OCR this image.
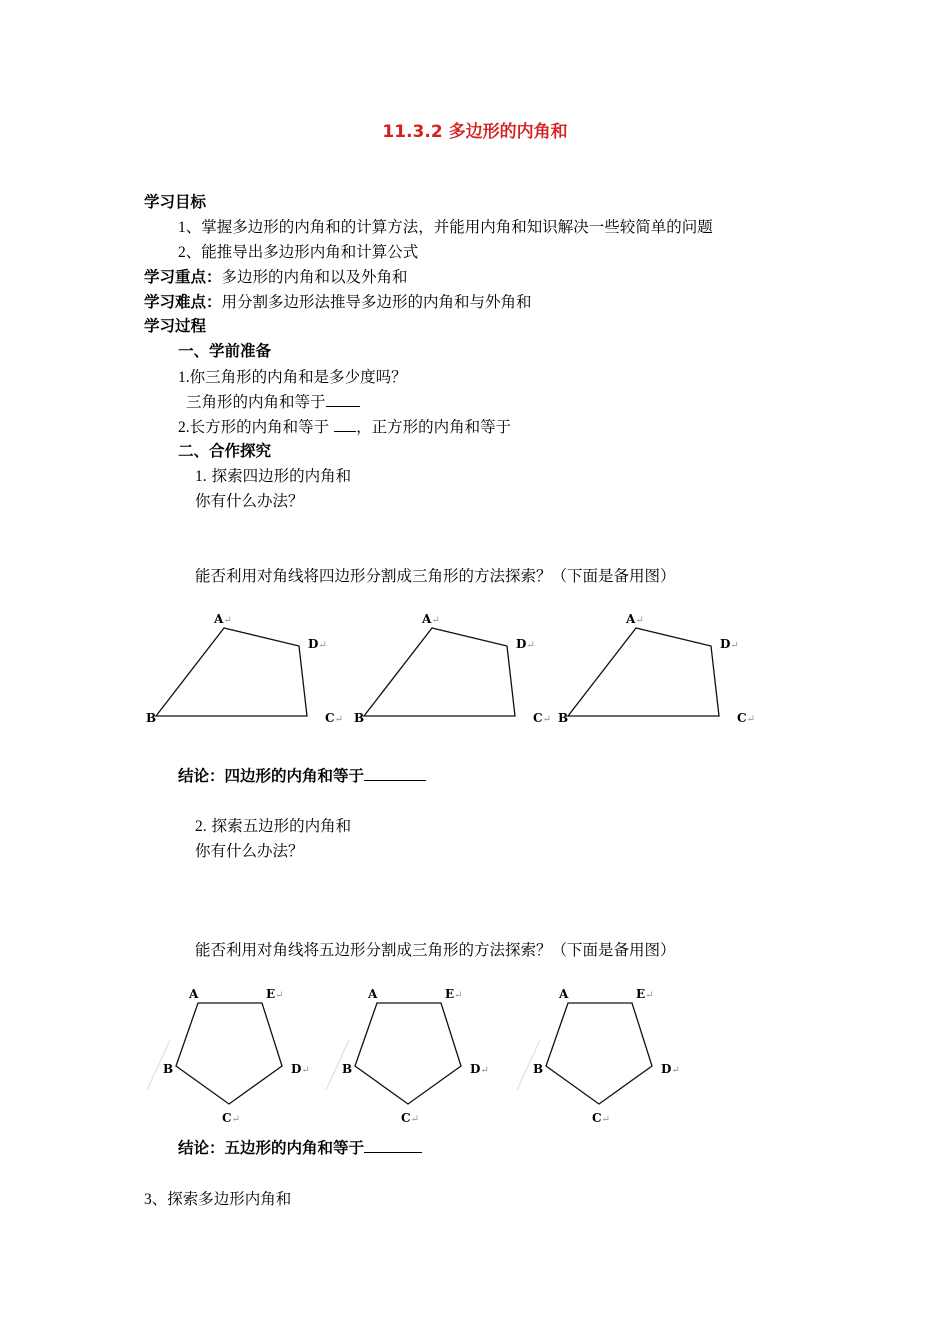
11.3.2 多边形的内角和
学习目标
1、掌握多边形的内角和的计算方法，并能用内角和知识解决一些较简单的问题
2、能推导出多边形内角和计算公式
学习重点：多边形的内角和以及外角和
学习难点：用分割多边形法推导多边形的内角和与外角和
学习过程
一、学前准备
1.你三角形的内角和是多少度吗？
三角形的内角和等于
2.长方形的内角和等于 ，正方形的内角和等于
二、合作探究
1. 探索四边形的内角和
你有什么办法？
能否利用对角线将四边形分割成三角形的方法探索？（下面是备用图）
结论：四边形的内角和等于
2. 探索五边形的内角和
你有什么办法？
能否利用对角线将五边形分割成三角形的方法探索？（下面是备用图）
结论：五边形的内角和等于
3、探索多边形内角和
A↵
B	C↵
D↵
A↵
B	C↵
D↵
A↵
B	C↵
D↵
A
B
C↵
D↵
E↵	A
B
C↵
D↵
E↵	A
B
C↵
D↵
E↵
